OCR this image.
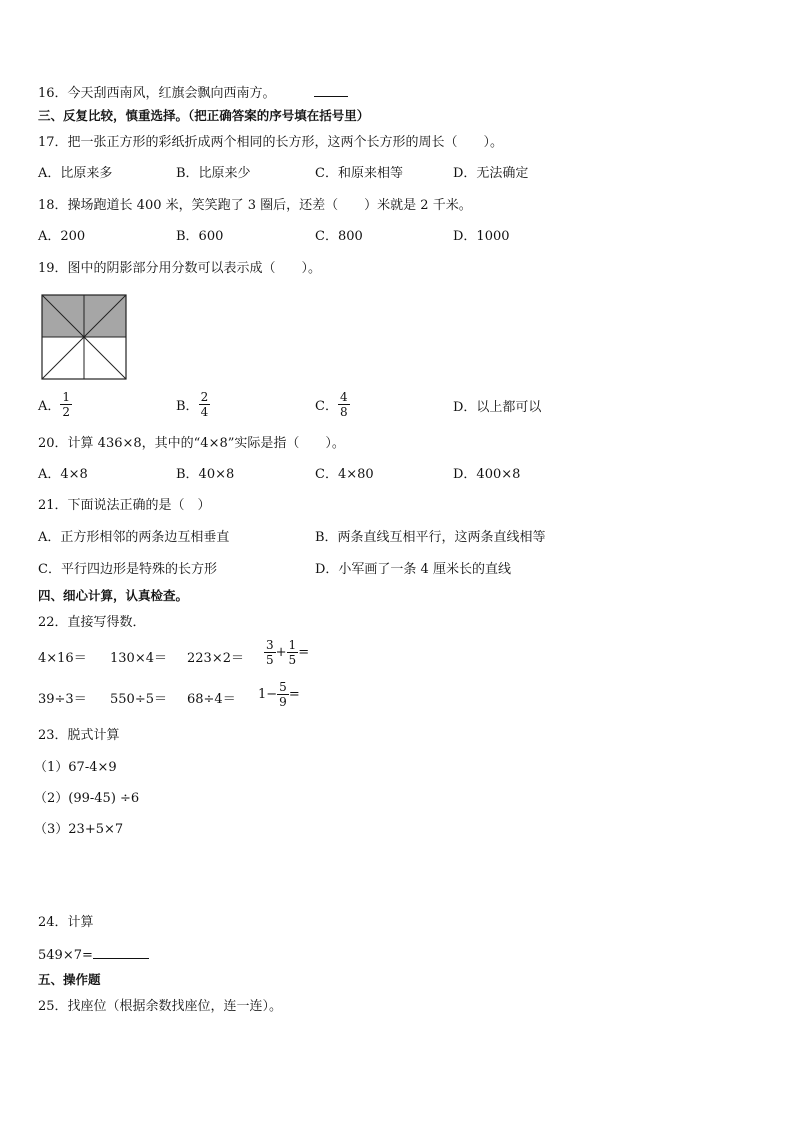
16．今天刮西南风，红旗会飘向西南方。
三、反复比较，慎重选择。（把正确答案的序号填在括号里）
17．把一张正方形的彩纸折成两个相同的长方形，这两个长方形的周长（　　）。
A．比原来多	B．比原来少	C．和原来相等	D．无法确定
18．操场跑道长 400 米，笑笑跑了 3 圈后，还差（　　）米就是 2 千米。
A．200	B．600	C．800	D．1000
19．图中的阴影部分用分数可以表示成（　　）。
A． $\frac{1}{2}$	B． $\frac{2}{4}$	C． $\frac{4}{8}$	D．以上都可以
20．计算 436×8，其中的“4×8”实际是指（　　）。
A．4×8	B．40×8	C．4×80	D．400×8
21．下面说法正确的是（　）
A．正方形相邻的两条边互相垂直	B．两条直线互相平行，这两条直线相等
C．平行四边形是特殊的长方形	D．小军画了一条 4 厘米长的直线
四、细心计算，认真检查。
22．直接写得数．
$4\times 16= 130\times 4= 223\times 2= \frac{3}{5} + \frac{1}{5}$ =
$39\div 3= 550\div 5= 68\div 4= 1- \frac{5}{9}$ =
23．脱式计算
（1）67-4×9
（2）(99-45) ÷6
（3）23+5×7
24．计算
549×7=
五、操作题
25．找座位（根据余数找座位，连一连）。
